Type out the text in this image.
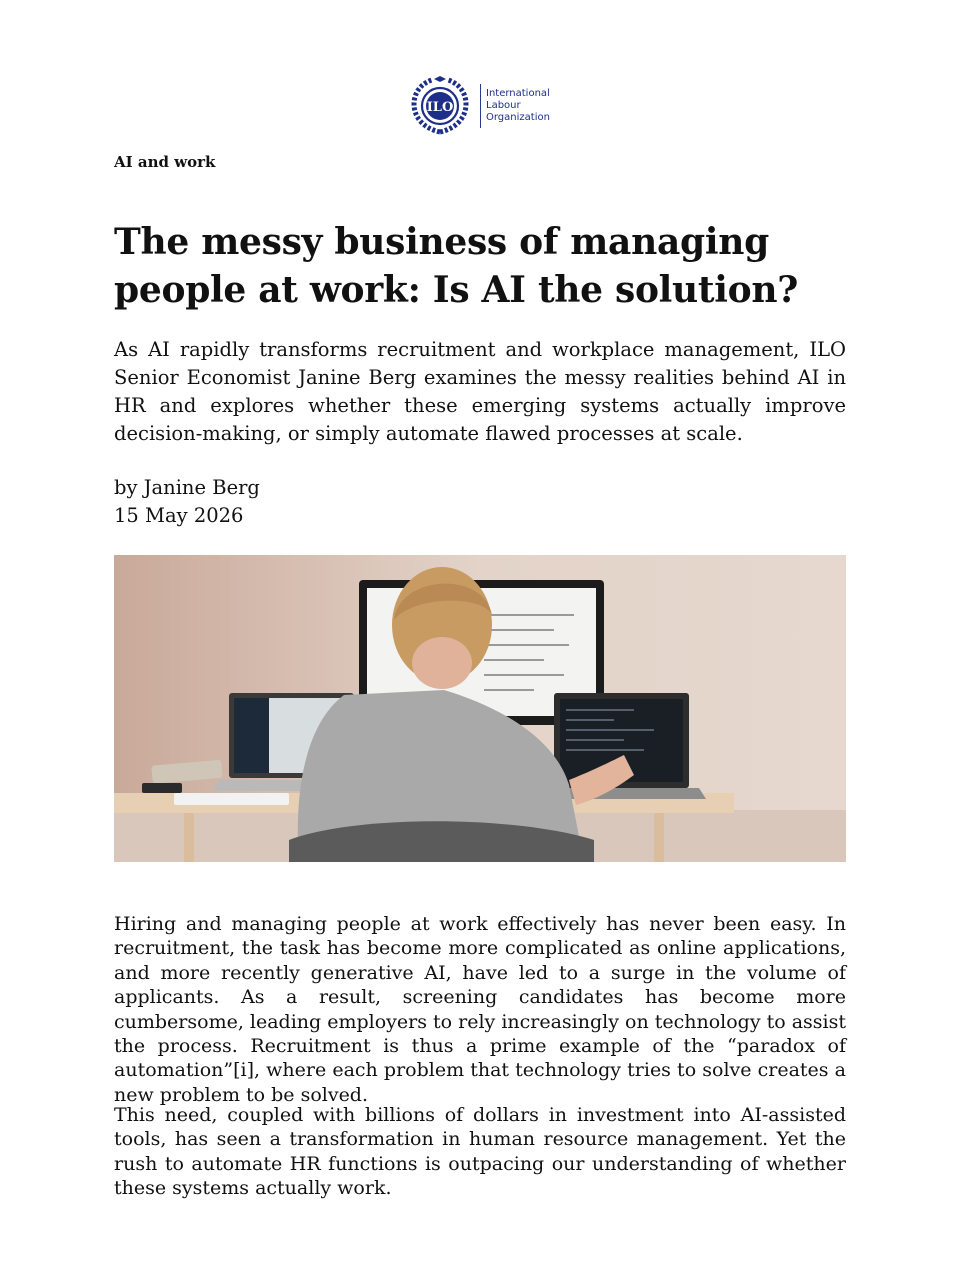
ILO
International
Labour
Organization
AI and work
The messy business of managing people at work: Is AI the solution?

As AI rapidly transforms recruitment and workplace management, ILO Senior Economist Janine Berg examines the messy realities behind AI in HR and explores whether these emerging systems actually improve decision-making, or simply automate flawed processes at scale.

by Janine Berg
15 May 2026

Hiring and managing people at work effectively has never been easy. In recruitment, the task has become more complicated as online applications, and more recently generative AI, have led to a surge in the volume of applicants. As a result, screening candidates has become more cumbersome, leading employers to rely increasingly on technology to assist the process. Recruitment is thus a prime example of the “paradox of automation”[i], where each problem that technology tries to solve creates a new problem to be solved.

This need, coupled with billions of dollars in investment into AI-assisted tools, has seen a transformation in human resource management. Yet the rush to automate HR functions is outpacing our understanding of whether these systems actually work.
